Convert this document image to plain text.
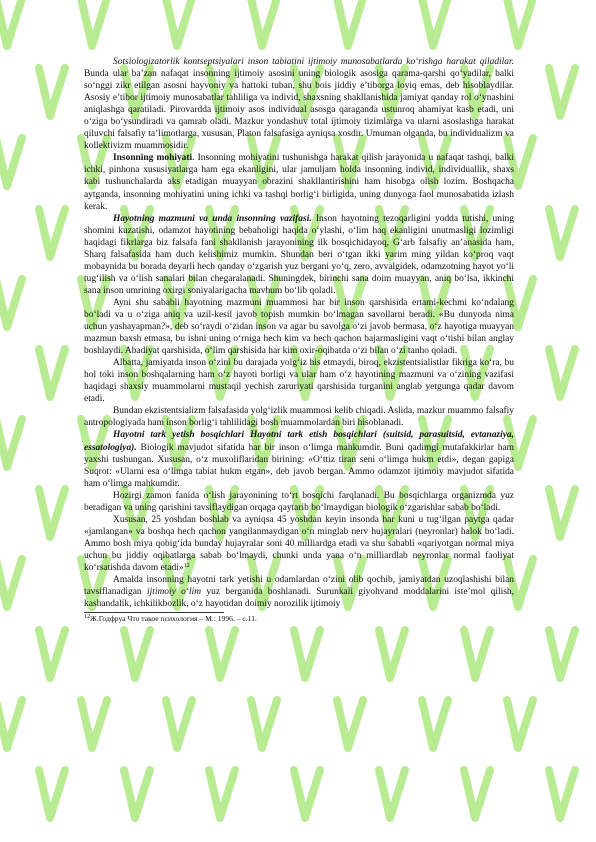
Sotsiologizatorlik kontseptsiyalari inson tabiatini ijtimoiy munosabatlarda ko‘rishga harakat qiladilar. Bunda ular ba’zan nafaqat insonning ijtimoiy asosini uning biologik asosiga qarama-qarshi qo‘yadilar, balki so‘nggi zikr etilgan asosni hayvoniy va hattoki tuban, shu bois jiddiy e’tiborga loyiq emas, deb hisoblaydilar. Asosiy e’tibor ijtimoiy munosabatlar tahliliga va individ, shaxsning shakllanishida jamiyat qanday rol o‘ynashini aniqlashga qaratiladi. Pirovardda ijtimoiy asos individual asosga qaraganda ustunroq ahamiyat kasb etadi, uni o‘ziga bo‘ysundiradi va qamrab oladi. Mazkur yondashuv total ijtimoiy tizimlarga va ularni asoslashga harakat qiluvchi falsafiy ta’limotlarga, xususan, Platon falsafasiga ayniqsa xosdir. Umuman olganda, bu individualizm va kollektivizm muammosidir.

Insonning mohiyati. Insonning mohiyatini tushunishga harakat qilish jarayonida u nafaqat tashqi, balki ichki, pinhona xususiyatlarga ham ega ekanligini, ular jamuljam holda insonning individ, individuallik, shaxs kabi tushunchalarda aks etadigan muayyan obrazini shakllantirishini ham hisobga olish lozim. Boshqacha aytganda, insonning mohiyatini uning ichki va tashqi borlig‘i birligida, uning dunyoga faol munosabatida izlash kerak.

Hayotning mazmuni va unda insonning vazifasi. Inson hayotning tezoqarligini yodda tutishi, uning shomini kuzatishi, odamzot hayotining bebaholigi haqida o‘ylashi, o‘lim haq ekanligini unutmasligi lozimligi haqidagi fikrlarga biz falsafa fani shakllanish jarayonining ilk bosqichidayoq, G‘arb falsafiy an’anasida ham, Sharq falsafasida ham duch kelishimiz mumkin. Shundan beri o‘tgan ikki yarim ming yildan ko‘proq vaqt mobaynida bu borada deyarli hech qanday o‘zgarish yuz bergani yo‘q, zero, avvalgidek, odamzotning hayot yo‘li tug‘ilish va o‘lish sanalari bilan chegaralanadi. Shuningdek, birinchi sana doim muayyan, aniq bo‘lsa, ikkinchi sana inson umrining oxirgi soniyalarigacha mavhum bo‘lib qoladi.

Ayni shu sababli hayotning mazmuni muammosi har bir inson qarshisida ertami-kechmi ko‘ndalang bo‘ladi va u o‘ziga aniq va uzil-kesil javob topish mumkin bo‘lmagan savollarni beradi. «Bu dunyoda nima uchun yashayapman?», deb so‘raydi o‘zidan inson va agar bu savolga o‘zi javob bermasa, o‘z hayotiga muayyan mazmun baxsh etmasa, bu ishni uning o‘rniga hech kim va hech qachon bajarmasligini vaqt o‘tishi bilan anglay boshlaydi. Abadiyat qarshisida, o‘lim qarshisida har kim oxir-oqibatda o‘zi bilan o‘zi tanho qoladi.

Albatta, jamiyatda inson o‘zini bu darajada yolg‘iz his etmaydi, biroq, ekzistentsialistlar fikriga ko‘ra, bu hol toki inson boshqalarning ham o‘z hayoti borligi va ular ham o‘z hayotining mazmuni va o‘zining vazifasi haqidagi shaxsiy muammolarni mustaqil yechish zaruriyati qarshisida turganini anglab yetgunga qadar davom etadi.

Bundan ekzistentsializm falsafasida yolg‘izlik muammosi kelib chiqadi. Aslida, mazkur muammo falsafiy antropologiyada ham inson borlig‘i tahlilidagi bosh muammolardan biri hisoblanadi.

Hayotni tark yetish bosqichlari Hayotni tark etish bosqichlari (suitsid, parasuitsid, evtanaziya, essatologiya). Biologik mavjudot sifatida har bir inson o‘limga mahkumdir. Buni qadimgi mutafakkirlar ham yaxshi tushungan. Xususan, o‘z muxoliflaridan birining: «O‘ttiz tiran seni o‘limga hukm etdi», degan gapiga Suqrot: «Ularni esa o‘limga tabiat hukm etgan», deb javob bergan. Ammo odamzot ijtimoiy mavjudot sifatida ham o‘limga mahkumdir.

Hozirgi zamon fanida o‘lish jarayonining to‘rt bosqichi farqlanadi. Bu bosqichlarga organizmda yuz beradigan va uning qarishini tavsiflaydigan orqaga qaytarib bo‘lmaydigan biologik o‘zgarishlar sabab bo‘ladi.

Xususan, 25 yoshdan boshlab va ayniqsa 45 yoshdan keyin insonda har kuni u tug‘ilgan paytga qadar «jamlangan» va boshqa hech qachon yangilanmaydigan o‘n minglab nerv hujayralari (neyronlar) halok bo‘ladi. Ammo bosh miya qobig‘ida bunday hujayralar soni 40 milliardga etadi va shu sababli «qariyotgan normal miya uchun bu jiddiy oqibatlarga sabab bo‘lmaydi, chunki unda yana o‘n milliardlab neyronlar normal faoliyat ko‘rsatishda davom etadi»$^{12}$

Amalda insonning hayotni tark yetishi u odamlardan o‘zini olib qochib, jamiyatdan uzoqlashishi bilan tavsiflanadigan ijtimoiy o‘lim yuz berganida boshlanadi. Surunkali giyohvand moddalarini iste’mol qilish, kashandalik, ichkilikbozlik, o‘z hayotidan doimiy norozilik ijtimoiy

$^{12}$Ж.Годфруа Что такое психология – М.: 1996. – с.11.
